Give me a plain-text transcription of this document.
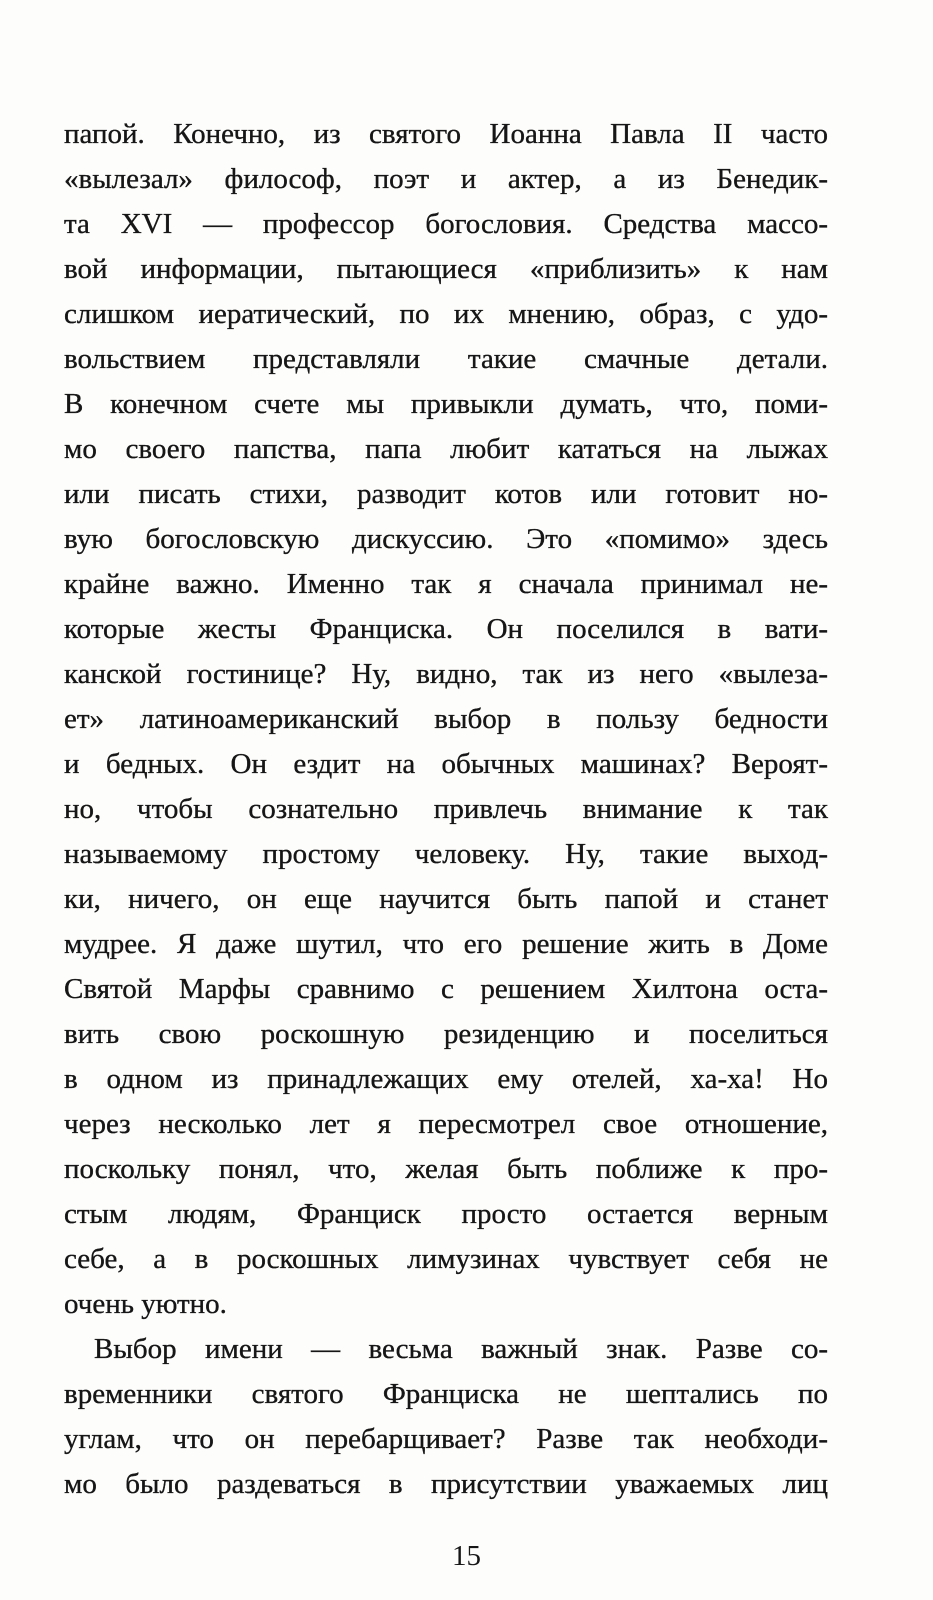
папой. Конечно, из святого Иоанна Павла II часто
«вылезал» философ, поэт и актер, а из Бенедик-
та XVI — профессор богословия. Средства массо-
вой информации, пытающиеся «приблизить» к нам
слишком иератический, по их мнению, образ, с удо-
вольствием представляли такие смачные детали.
В конечном счете мы привыкли думать, что, поми-
мо своего папства, папа любит кататься на лыжах
или писать стихи, разводит котов или готовит но-
вую богословскую дискуссию. Это «помимо» здесь
крайне важно. Именно так я сначала принимал не-
которые жесты Франциска. Он поселился в вати-
канской гостинице? Ну, видно, так из него «вылеза-
ет» латиноамериканский выбор в пользу бедности
и бедных. Он ездит на обычных машинах? Вероят-
но, чтобы сознательно привлечь внимание к так
называемому простому человеку. Ну, такие выход-
ки, ничего, он еще научится быть папой и станет
мудрее. Я даже шутил, что его решение жить в Доме
Святой Марфы сравнимо с решением Хилтона оста-
вить свою роскошную резиденцию и поселиться
в одном из принадлежащих ему отелей, ха-ха! Но
через несколько лет я пересмотрел свое отношение,
поскольку понял, что, желая быть поближе к про-
стым людям, Франциск просто остается верным
себе, а в роскошных лимузинах чувствует себя не
очень уютно.
Выбор имени — весьма важный знак. Разве со-
временники святого Франциска не шептались по
углам, что он перебарщивает? Разве так необходи-
мо было раздеваться в присутствии уважаемых лиц
15
